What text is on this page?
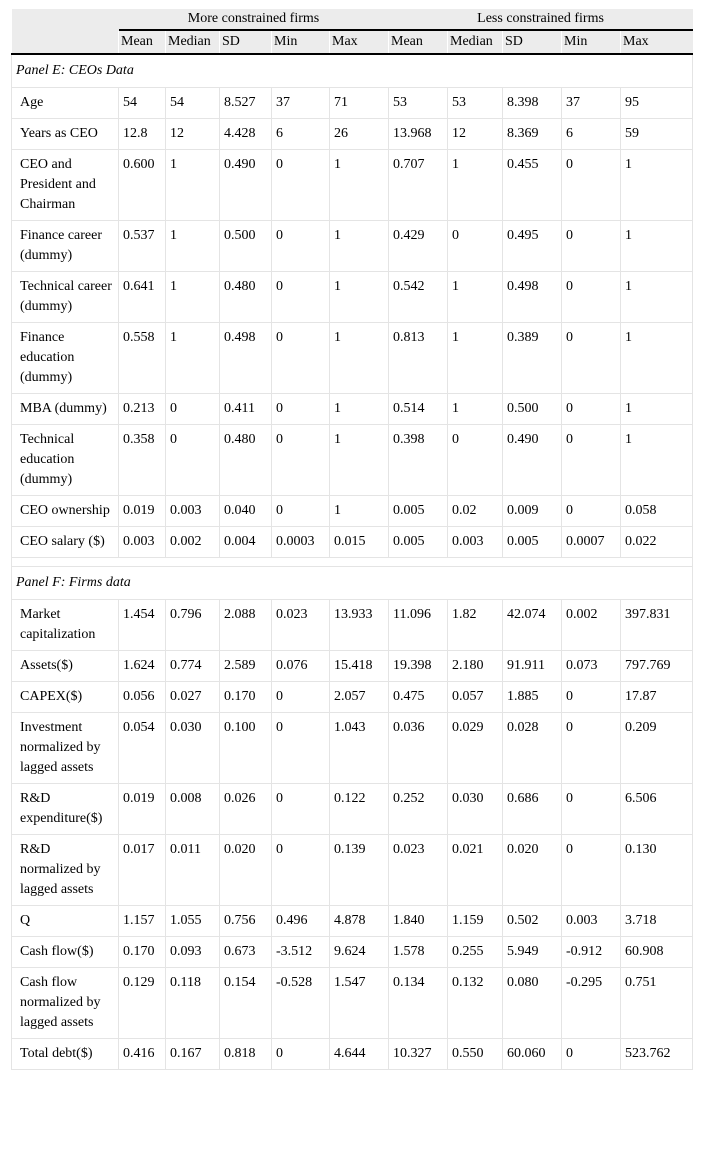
	More constrained firms					Less constrained firms				

	Mean	Median	SD	Min	Max	Mean	Median	SD	Min	Max
Panel E: CEOs Data										
Age	54	54	8.527	37	71	53	53	8.398	37	95
Years as CEO	12.8	12	4.428	6	26	13.968	12	8.369	6	59
CEO and President and Chairman	0.600	1	0.490	0	1	0.707	1	0.455	0	1
Finance career (dummy)	0.537	1	0.500	0	1	0.429	0	0.495	0	1
Technical career (dummy)	0.641	1	0.480	0	1	0.542	1	0.498	0	1
Finance education (dummy)	0.558	1	0.498	0	1	0.813	1	0.389	0	1
MBA (dummy)	0.213	0	0.411	0	1	0.514	1	0.500	0	1
Technical education (dummy)	0.358	0	0.480	0	1	0.398	0	0.490	0	1
CEO ownership	0.019	0.003	0.040	0	1	0.005	0.02	0.009	0	0.058
CEO salary ($)	0.003	0.002	0.004	0.0003	0.015	0.005	0.003	0.005	0.0007	0.022

Panel F: Firms data										
Market capitalization	1.454	0.796	2.088	0.023	13.933	11.096	1.82	42.074	0.002	397.831
Assets($)	1.624	0.774	2.589	0.076	15.418	19.398	2.180	91.911	0.073	797.769
CAPEX($)	0.056	0.027	0.170	0	2.057	0.475	0.057	1.885	0	17.87
Investment normalized by lagged assets	0.054	0.030	0.100	0	1.043	0.036	0.029	0.028	0	0.209
R&D expenditure($)	0.019	0.008	0.026	0	0.122	0.252	0.030	0.686	0	6.506
R&D normalized by lagged assets	0.017	0.011	0.020	0	0.139	0.023	0.021	0.020	0	0.130
Q	1.157	1.055	0.756	0.496	4.878	1.840	1.159	0.502	0.003	3.718
Cash flow($)	0.170	0.093	0.673	-3.512	9.624	1.578	0.255	5.949	-0.912	60.908
Cash flow normalized by lagged assets	0.129	0.118	0.154	-0.528	1.547	0.134	0.132	0.080	-0.295	0.751
Total debt($)	0.416	0.167	0.818	0	4.644	10.327	0.550	60.060	0	523.762
